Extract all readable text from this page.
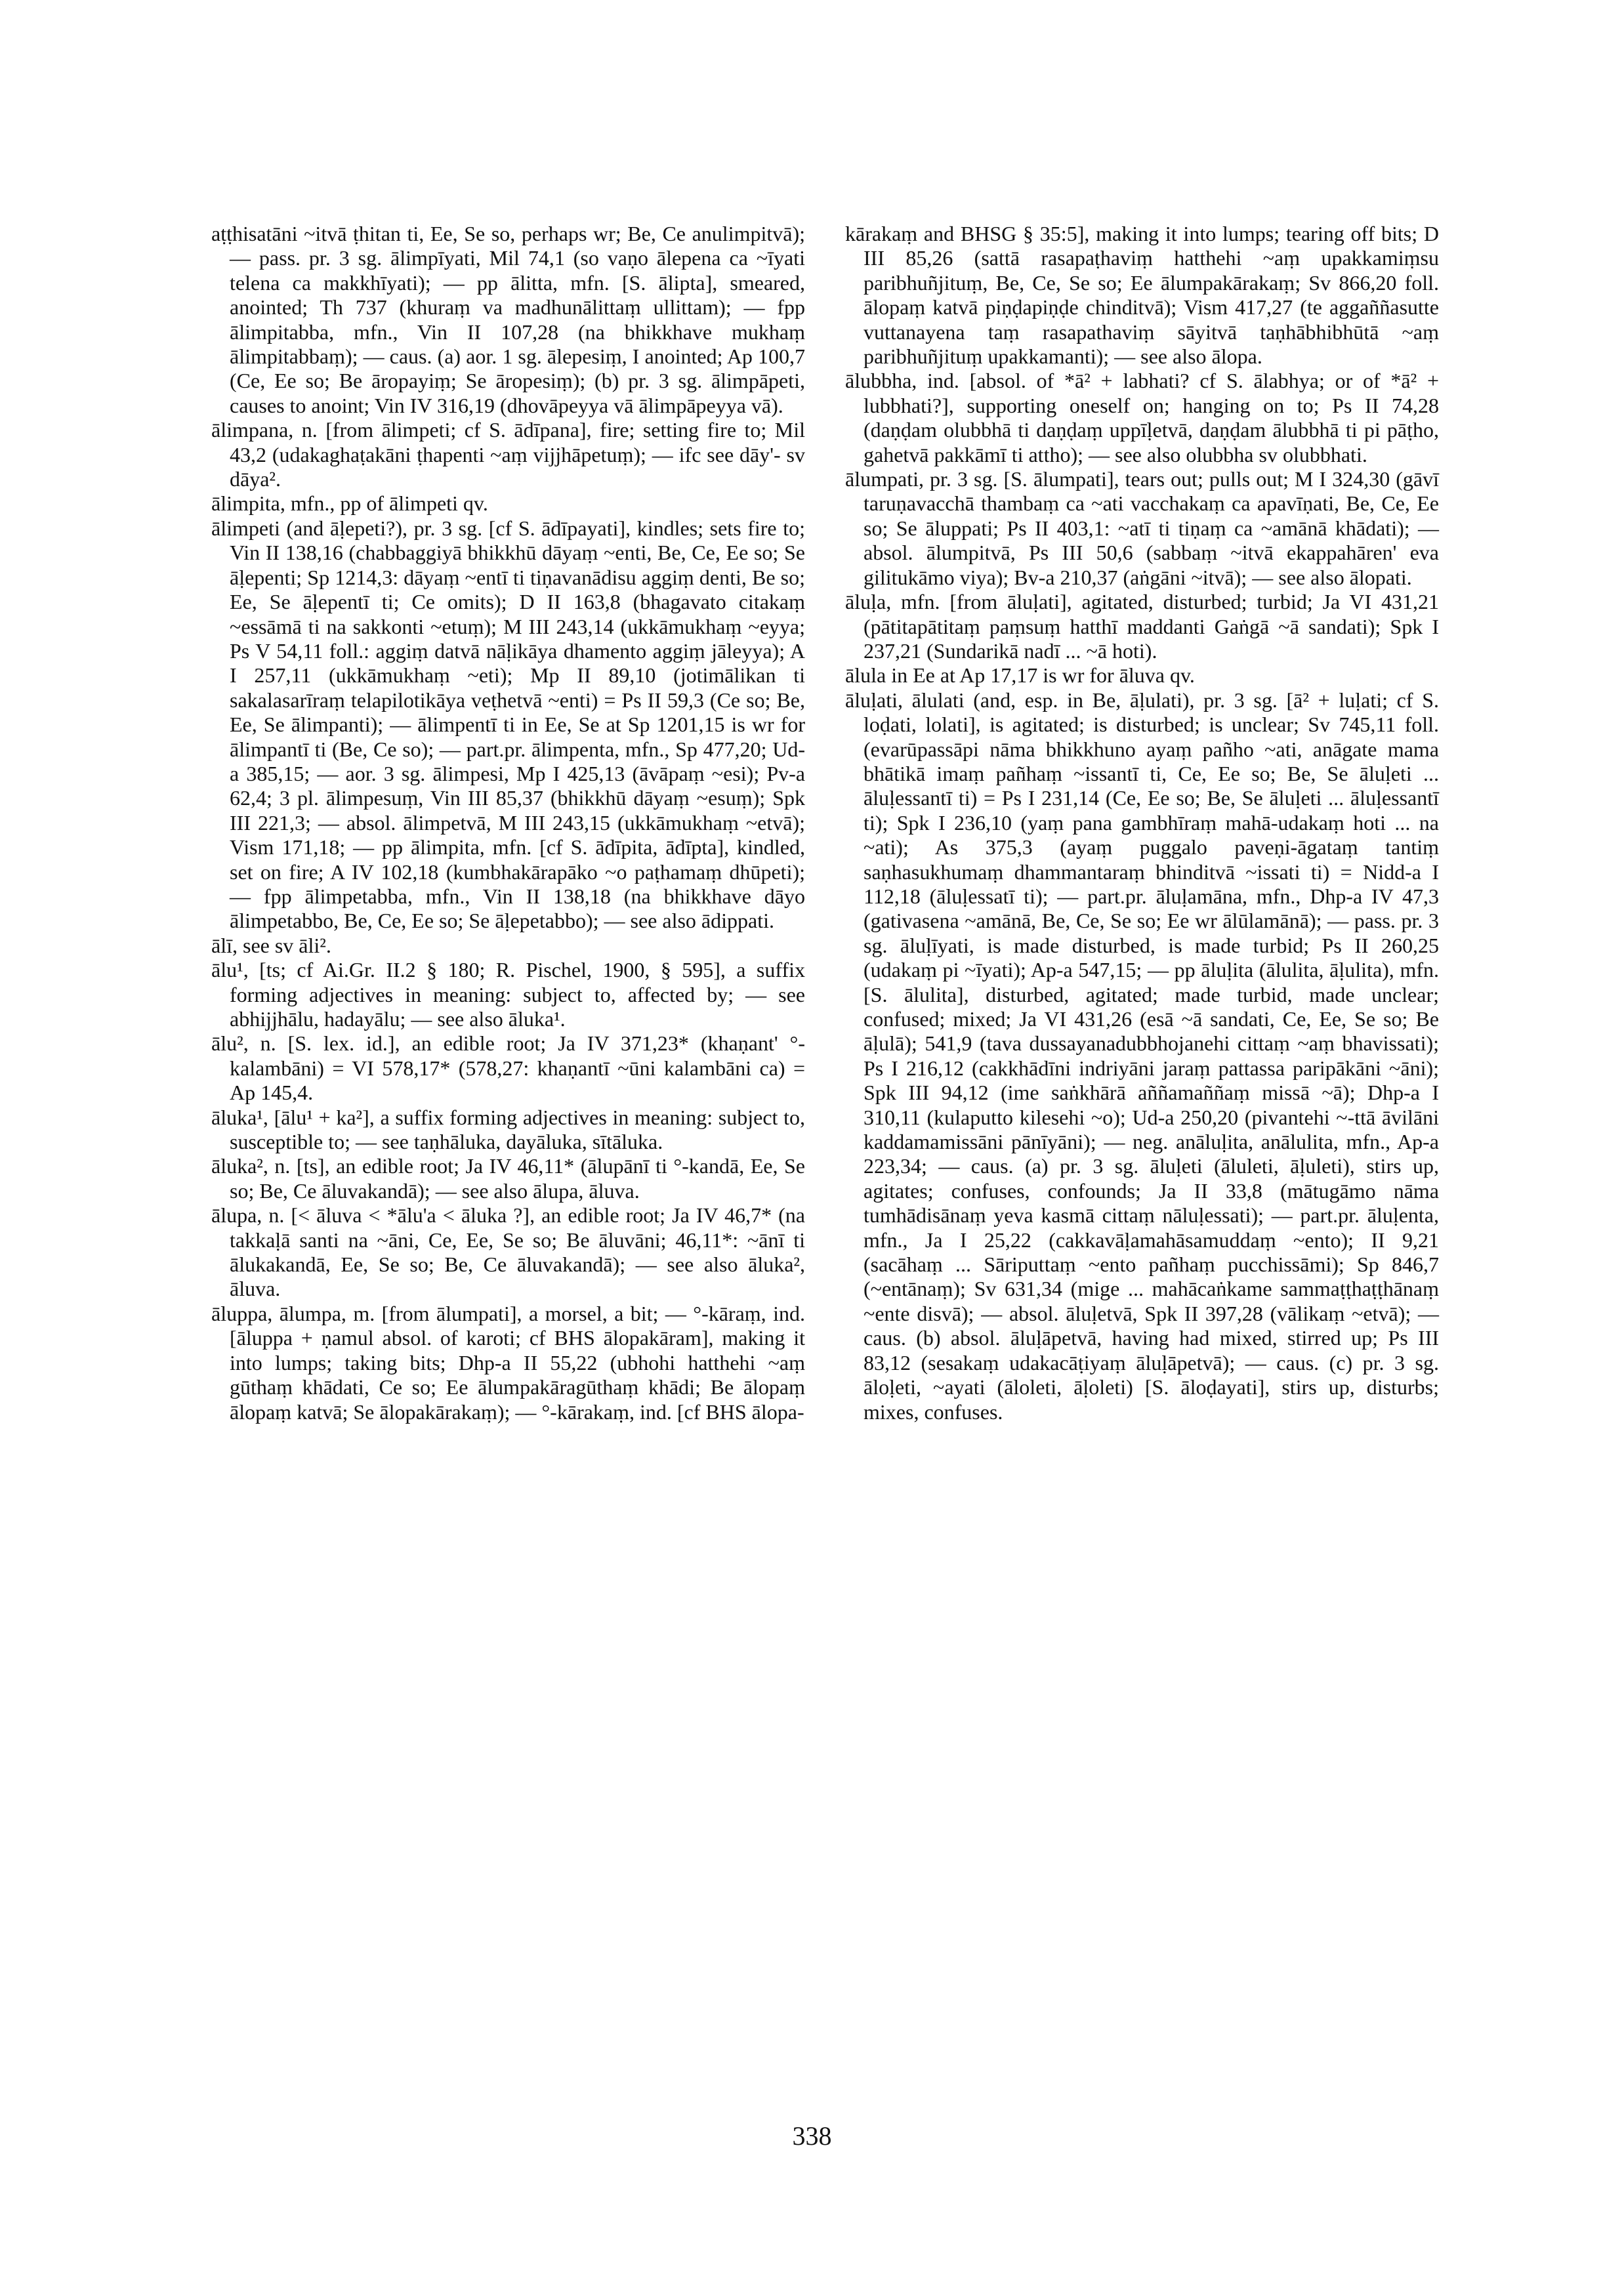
aṭṭhisatāni ~itvā ṭhitan ti, Ee, Se so, perhaps wr; Be, Ce anulimpitvā); — pass. pr. 3 sg. ālimpīyati, Mil 74,1 (so vaṇo ālepena ca ~īyati telena ca makkhīyati); — pp ālitta, mfn. [S. ālipta], smeared, anointed; Th 737 (khuraṃ va madhunālittaṃ ullittam); — fpp ālimpitabba, mfn., Vin II 107,28 (na bhikkhave mukhaṃ ālimpitabbaṃ); — caus. (a) aor. 1 sg. ālepesiṃ, I anointed; Ap 100,7 (Ce, Ee so; Be āropayiṃ; Se āropesiṃ); (b) pr. 3 sg. ālimpāpeti, causes to anoint; Vin IV 316,19 (dhovāpeyya vā ālimpāpeyya vā).

ālimpana, n. [from ālimpeti; cf S. ādīpana], fire; setting fire to; Mil 43,2 (udakaghaṭakāni ṭhapenti ~aṃ vijjhāpetuṃ); — ifc see dāy'- sv dāya².

ālimpita, mfn., pp of ālimpeti qv.

ālimpeti (and āḷepeti?), pr. 3 sg. [cf S. ādīpayati], kindles; sets fire to; Vin II 138,16 (chabbaggiyā bhikkhū dāyaṃ ~enti, Be, Ce, Ee so; Se āḷepenti; Sp 1214,3: dāyaṃ ~entī ti tiṇavanādisu aggiṃ denti, Be so; Ee, Se āḷepentī ti; Ce omits); D II 163,8 (bhagavato citakaṃ ~essāmā ti na sakkonti ~etuṃ); M III 243,14 (ukkāmukhaṃ ~eyya; Ps V 54,11 foll.: aggiṃ datvā nāḷikāya dhamento aggiṃ jāleyya); A I 257,11 (ukkāmukhaṃ ~eti); Mp II 89,10 (jotimālikan ti sakalasarīraṃ telapilotikāya veṭhetvā ~enti) = Ps II 59,3 (Ce so; Be, Ee, Se ālimpanti); — ālimpentī ti in Ee, Se at Sp 1201,15 is wr for ālimpantī ti (Be, Ce so); — part.pr. ālimpenta, mfn., Sp 477,20; Ud-a 385,15; — aor. 3 sg. ālimpesi, Mp I 425,13 (āvāpaṃ ~esi); Pv-a 62,4; 3 pl. ālimpesuṃ, Vin III 85,37 (bhikkhū dāyaṃ ~esuṃ); Spk III 221,3; — absol. ālimpetvā, M III 243,15 (ukkāmukhaṃ ~etvā); Vism 171,18; — pp ālimpita, mfn. [cf S. ādīpita, ādīpta], kindled, set on fire; A IV 102,18 (kumbhakārapāko ~o paṭhamaṃ dhūpeti); — fpp ālimpetabba, mfn., Vin II 138,18 (na bhikkhave dāyo ālimpetabbo, Be, Ce, Ee so; Se āḷepetabbo); — see also ādippati.

ālī, see sv āli².

ālu¹, [ts; cf Ai.Gr. II.2 § 180; R. Pischel, 1900, § 595], a suffix forming adjectives in meaning: subject to, affected by; — see abhijjhālu, hadayālu; — see also āluka¹.

ālu², n. [S. lex. id.], an edible root; Ja IV 371,23* (khaṇant' °-kalambāni) = VI 578,17* (578,27: khaṇantī ~ūni kalambāni ca) = Ap 145,4.

āluka¹, [ālu¹ + ka²], a suffix forming adjectives in meaning: subject to, susceptible to; — see taṇhāluka, dayāluka, sītāluka.

āluka², n. [ts], an edible root; Ja IV 46,11* (ālupānī ti °-kandā, Ee, Se so; Be, Ce āluvakandā); — see also ālupa, āluva.

ālupa, n. [< āluva < *ālu'a < āluka ?], an edible root; Ja IV 46,7* (na takkaḷā santi na ~āni, Ce, Ee, Se so; Be āluvāni; 46,11*: ~ānī ti ālukakandā, Ee, Se so; Be, Ce āluvakandā); — see also āluka², āluva.

āluppa, ālumpa, m. [from ālumpati], a morsel, a bit; — °-kāraṃ, ind. [āluppa + ṇamul absol. of karoti; cf BHS ālopakāram], making it into lumps; taking bits; Dhp-a II 55,22 (ubhohi hatthehi ~aṃ gūthaṃ khādati, Ce so; Ee ālumpakāragūthaṃ khādi; Be ālopaṃ ālopaṃ katvā; Se ālopakārakaṃ); — °-kārakaṃ, ind. [cf BHS ālopa-

kārakaṃ and BHSG § 35:5], making it into lumps; tearing off bits; D III 85,26 (sattā rasapaṭhaviṃ hatthehi ~aṃ upakkamiṃsu paribhuñjituṃ, Be, Ce, Se so; Ee ālumpakārakaṃ; Sv 866,20 foll. ālopaṃ katvā piṇḍapiṇḍe chinditvā); Vism 417,27 (te aggaññasutte vuttanayena taṃ rasapathaviṃ sāyitvā taṇhābhibhūtā ~aṃ paribhuñjituṃ upakkamanti); — see also ālopa.

ālubbha, ind. [absol. of *ā² + labhati? cf S. ālabhya; or of *ā² + lubbhati?], supporting oneself on; hanging on to; Ps II 74,28 (daṇḍam olubbhā ti daṇḍaṃ uppīḷetvā, daṇḍam ālubbhā ti pi pāṭho, gahetvā pakkāmī ti attho); — see also olubbha sv olubbhati.

ālumpati, pr. 3 sg. [S. ālumpati], tears out; pulls out; M I 324,30 (gāvī taruṇavacchā thambaṃ ca ~ati vacchakaṃ ca apavīṇati, Be, Ce, Ee so; Se āluppati; Ps II 403,1: ~atī ti tiṇaṃ ca ~amānā khādati); — absol. ālumpitvā, Ps III 50,6 (sabbaṃ ~itvā ekappahāren' eva gilitukāmo viya); Bv-a 210,37 (aṅgāni ~itvā); — see also ālopati.

āluḷa, mfn. [from āluḷati], agitated, disturbed; turbid; Ja VI 431,21 (pātitapātitaṃ paṃsuṃ hatthī maddanti Gaṅgā ~ā sandati); Spk I 237,21 (Sundarikā nadī ... ~ā hoti).

ālula in Ee at Ap 17,17 is wr for āluva qv.

āluḷati, ālulati (and, esp. in Be, āḷulati), pr. 3 sg. [ā² + luḷati; cf S. loḍati, lolati], is agitated; is disturbed; is unclear; Sv 745,11 foll. (evarūpassāpi nāma bhikkhuno ayaṃ pañho ~ati, anāgate mama bhātikā imaṃ pañhaṃ ~issantī ti, Ce, Ee so; Be, Se āluḷeti ... āluḷessantī ti) = Ps I 231,14 (Ce, Ee so; Be, Se āluḷeti ... āluḷessantī ti); Spk I 236,10 (yaṃ pana gambhīraṃ mahā-udakaṃ hoti ... na ~ati); As 375,3 (ayaṃ puggalo paveṇi-āgataṃ tantiṃ saṇhasukhumaṃ dhammantaraṃ bhinditvā ~issati ti) = Nidd-a I 112,18 (āluḷessatī ti); — part.pr. āluḷamāna, mfn., Dhp-a IV 47,3 (gativasena ~amānā, Be, Ce, Se so; Ee wr ālūlamānā); — pass. pr. 3 sg. āluḷīyati, is made disturbed, is made turbid; Ps II 260,25 (udakaṃ pi ~īyati); Ap-a 547,15; — pp āluḷita (ālulita, āḷulita), mfn. [S. ālulita], disturbed, agitated; made turbid, made unclear; confused; mixed; Ja VI 431,26 (esā ~ā sandati, Ce, Ee, Se so; Be āḷulā); 541,9 (tava dussayanadubbhojanehi cittaṃ ~aṃ bhavissati); Ps I 216,12 (cakkhādīni indriyāni jaraṃ pattassa paripākāni ~āni); Spk III 94,12 (ime saṅkhārā aññamaññaṃ missā ~ā); Dhp-a I 310,11 (kulaputto kilesehi ~o); Ud-a 250,20 (pivantehi ~-ttā āvilāni kaddamamissāni pānīyāni); — neg. anāluḷita, anālulita, mfn., Ap-a 223,34; — caus. (a) pr. 3 sg. āluḷeti (āluleti, āḷuleti), stirs up, agitates; confuses, confounds; Ja II 33,8 (mātugāmo nāma tumhādisānaṃ yeva kasmā cittaṃ nāluḷessati); — part.pr. āluḷenta, mfn., Ja I 25,22 (cakkavāḷamahāsamuddaṃ ~ento); II 9,21 (sacāhaṃ ... Sāriputtaṃ ~ento pañhaṃ pucchissāmi); Sp 846,7 (~entānaṃ); Sv 631,34 (mige ... mahācaṅkame sammaṭṭhaṭṭhānaṃ ~ente disvā); — absol. āluḷetvā, Spk II 397,28 (vālikaṃ ~etvā); — caus. (b) absol. āluḷāpetvā, having had mixed, stirred up; Ps III 83,12 (sesakaṃ udakacāṭiyaṃ āluḷāpetvā); — caus. (c) pr. 3 sg. āloḷeti, ~ayati (āloleti, āḷoleti) [S. āloḍayati], stirs up, disturbs; mixes, confuses.

338
